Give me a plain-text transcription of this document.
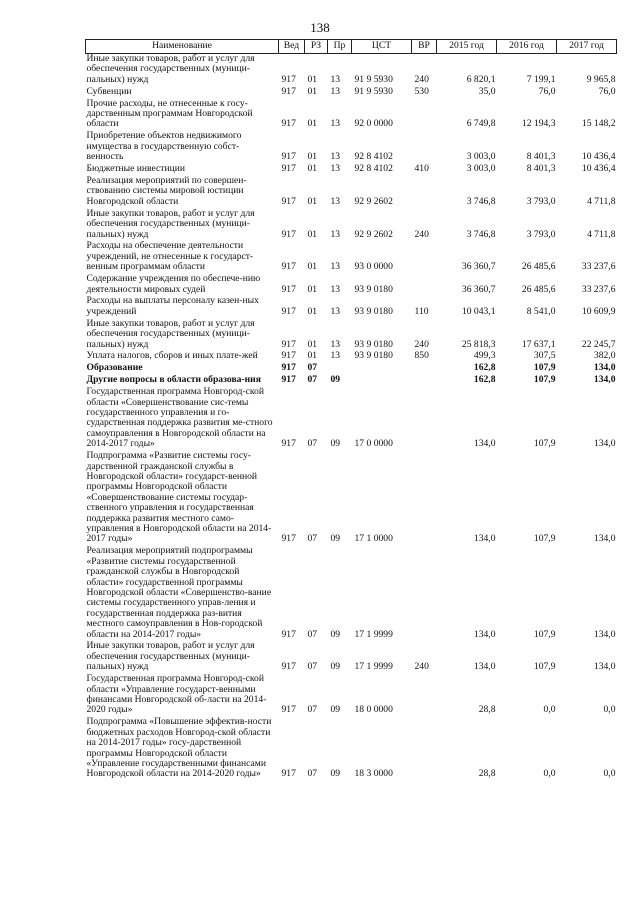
138
Наименование	Вед	РЗ	Пр	ЦСТ	ВР	2015 год	2016 год	2017 год
Иные закупки товаров, работ и услуг для обеспечения государственных (муници-пальных) нужд	917	01	13	91 9 5930	240	6 820,1	7 199,1	9 965,8
Субвенции	917	01	13	91 9 5930	530	35,0	76,0	76,0
Прочие расходы, не отнесенные к госу-дарственным программам Новгородской области	917	01	13	92 0 0000		6 749,8	12 194,3	15 148,2
Приобретение объектов недвижимого имущества в государственную собст-венность	917	01	13	92 8 4102		3 003,0	8 401,3	10 436,4
Бюджетные инвестиции	917	01	13	92 8 4102	410	3 003,0	8 401,3	10 436,4
Реализация мероприятий по совершен-ствованию системы мировой юстиции Новгородской области	917	01	13	92 9 2602		3 746,8	3 793,0	4 711,8
Иные закупки товаров, работ и услуг для обеспечения государственных (муници-пальных) нужд	917	01	13	92 9 2602	240	3 746,8	3 793,0	4 711,8
Расходы на обеспечение деятельности учреждений, не отнесенные к государст-венным программам области	917	01	13	93 0 0000		36 360,7	26 485,6	33 237,6
Содержание учреждения по обеспече-нию деятельности мировых судей	917	01	13	93 9 0180		36 360,7	26 485,6	33 237,6
Расходы на выплаты персоналу казен-ных учреждений	917	01	13	93 9 0180	110	10 043,1	8 541,0	10 609,9
Иные закупки товаров, работ и услуг для обеспечения государственных (муници-пальных) нужд	917	01	13	93 9 0180	240	25 818,3	17 637,1	22 245,7
Уплата налогов, сборов и иных плате-жей	917	01	13	93 9 0180	850	499,3	307,5	382,0
Образование	917	07				162,8	107,9	134,0
Другие вопросы в области образова-ния	917	07	09			162,8	107,9	134,0
Государственная программа Новгород-ской области «Совершенствование сис-темы государственного управления и го-сударственная поддержка развития ме-стного самоуправления в Новгородской области на 2014-2017 годы»	917	07	09	17 0 0000		134,0	107,9	134,0
Подпрограмма «Развитие системы госу-дарственной гражданской службы в Новгородской области» государст-венной программы Новгородской области «Совершенствование системы государ-ственного управления и государственная поддержка развития местного само-управления в Новгородской области на 2014-2017 годы»	917	07	09	17 1 0000		134,0	107,9	134,0
Реализация мероприятий подпрограммы «Развитие системы государственной гражданской службы в Новгородской области» государственной программы Новгородской области «Совершенство-вание системы государственного управ-ления и государственная поддержка раз-вития местного самоуправления в Нов-городской области на 2014-2017 годы»	917	07	09	17 1 9999		134,0	107,9	134,0
Иные закупки товаров, работ и услуг для обеспечения государственных (муници-пальных) нужд	917	07	09	17 1 9999	240	134,0	107,9	134,0
Государственная программа Новгород-ской области «Управление государст-венными финансами Новгородской об-ласти на 2014-2020 годы»	917	07	09	18 0 0000		28,8	0,0	0,0
Подпрограмма «Повышение эффектив-ности бюджетных расходов Новгород-ской области на 2014-2017 годы» госу-дарственной программы Новгородской области «Управление государственными финансами Новгородской области на 2014-2020 годы»	917	07	09	18 3 0000		28,8	0,0	0,0
